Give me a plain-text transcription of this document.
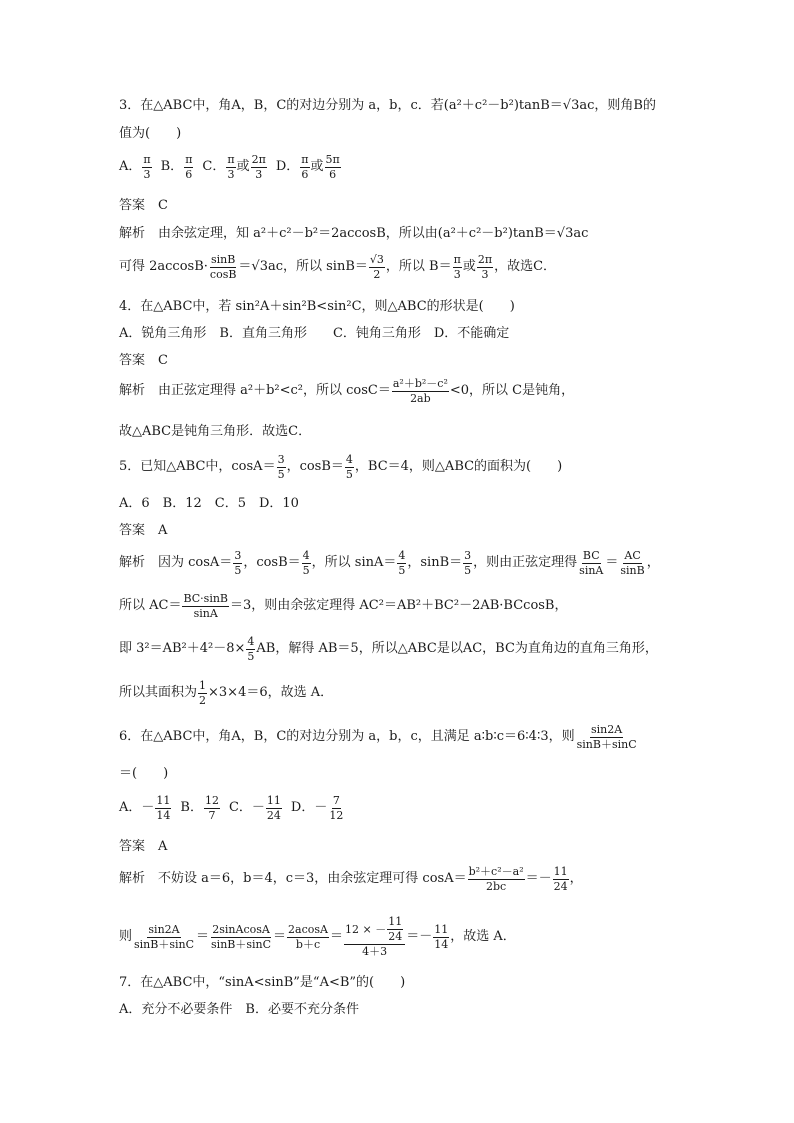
3．在△ABC中，角A，B，C的对边分别为 a，b，c．若(a²＋c²－b²)tanB＝√3ac，则角B的
值为(　　)
A． $\frac{\pi}{3}$ B． $\frac{\pi}{6}$ C． $\frac{\pi}{3}$ 或 $\frac{2\pi}{3}$ D． $\frac{\pi}{6}$ 或 $\frac{5\pi}{6}$
答案　C
解析　由余弦定理，知 a²＋c²－b²＝2accosB，所以由(a²＋c²－b²)tanB＝√3ac
可得 $2accosB\cdot \frac{\sin B}{\cos B} =√3ac$，所以 $\sin B= \frac{√3}{2}$ ，所以 $B= \frac{\pi}{3}$ 或 $\frac{2\pi}{3}$ ，故选C．
4．在△ABC中，若 sin²A＋sin²B<sin²C，则△ABC的形状是(　　)
A．锐角三角形　B．直角三角形　　C．钝角三角形　D．不能确定
答案　C
解析　由正弦定理得 a²＋b²<c²，所以 $\cos C= \frac{\text{a²＋b²－c²}}{2ab} <0$，所以 C是钝角，
故△ABC是钝角三角形．故选C．
5．已知△ABC中，$\cos A= \frac{3}{5}$ ，$\cos B= \frac{4}{5}$ ，BC＝4，则△ABC的面积为(　　)
A．6　B．12　C．5　D．10
答案　A
解析　因为 $\cos A= \frac{3}{5}$ ，$\cos B= \frac{4}{5}$ ，所以 $\sin A= \frac{4}{5}$ ，$\sin B= \frac{3}{5}$ ，则由正弦定理得 $\frac{BC}{\sin A} = \frac{AC}{\sin B}$ ，
所以 $AC= \frac{BC\cdot\sin B}{\sin A} =3$，则由余弦定理得 AC²＝AB²＋BC²－2AB·BCcosB，
即 $3^2=AB^2+4^2-8\times \frac{4}{5}$ AB，解得 AB＝5，所以△ABC是以AC，BC为直角边的直角三角形，
所以其面积为 $\frac{1}{2} \times 3\times 4=6$，故选 A．
6．在△ABC中，角A，B，C的对边分别为 a，b，c，且满足 a∶b∶c＝6∶4∶3，则 $\frac{\sin 2A}{\sin B+\sin C}$
＝(　　)
A．－ $\frac{11}{14}$ B． $\frac{12}{7}$ C．－ $\frac{11}{24}$ D．－ $\frac{7}{12}$
答案　A
解析　不妨设 a＝6，b＝4，c＝3，由余弦定理可得 $\cos A= \frac{\text{b²＋c²－a²}}{2bc} =- \frac{11}{24}$ ，
则 $\frac{\sin 2A}{\sin B+\sin C} = \frac{\text{2sinAcosA}}{\sin B+\sin C} = \frac{2acosA}{b+c} = \frac{12 \times - \frac{11}{24}}{4+3} =- \frac{11}{14}$ ，故选 A．
7．在△ABC中，“sinA<sinB”是“A<B”的(　　)
A．充分不必要条件　B．必要不充分条件
